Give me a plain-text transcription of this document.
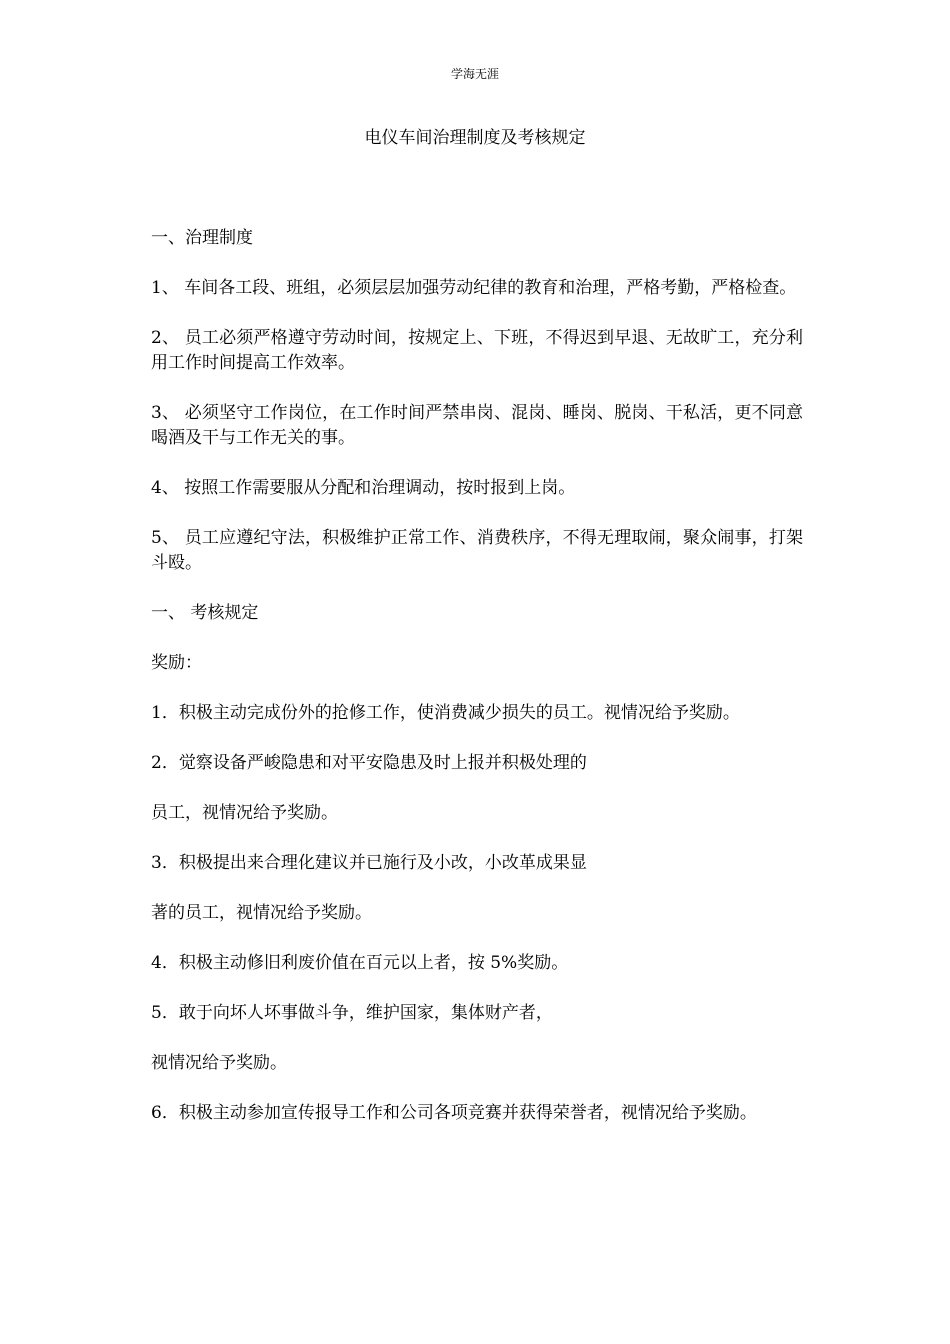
学海无涯
电仪车间治理制度及考核规定

一、治理制度

1、 车间各工段、班组，必须层层加强劳动纪律的教育和治理，严格考勤，严格检查。

2、 员工必须严格遵守劳动时间，按规定上、下班，不得迟到早退、无故旷工，充分利用工作时间提高工作效率。

3、 必须坚守工作岗位，在工作时间严禁串岗、混岗、睡岗、脱岗、干私活，更不同意喝酒及干与工作无关的事。

4、 按照工作需要服从分配和治理调动，按时报到上岗。

5、 员工应遵纪守法，积极维护正常工作、消费秩序，不得无理取闹，聚众闹事，打架斗殴。

一、 考核规定

奖励：

1．积极主动完成份外的抢修工作，使消费减少损失的员工。视情况给予奖励。

2．觉察设备严峻隐患和对平安隐患及时上报并积极处理的

员工，视情况给予奖励。

3．积极提出来合理化建议并已施行及小改，小改革成果显

著的员工，视情况给予奖励。

4．积极主动修旧利废价值在百元以上者，按 5%奖励。

5．敢于向坏人坏事做斗争，维护国家，集体财产者，

视情况给予奖励。

6．积极主动参加宣传报导工作和公司各项竞赛并获得荣誉者，视情况给予奖励。
